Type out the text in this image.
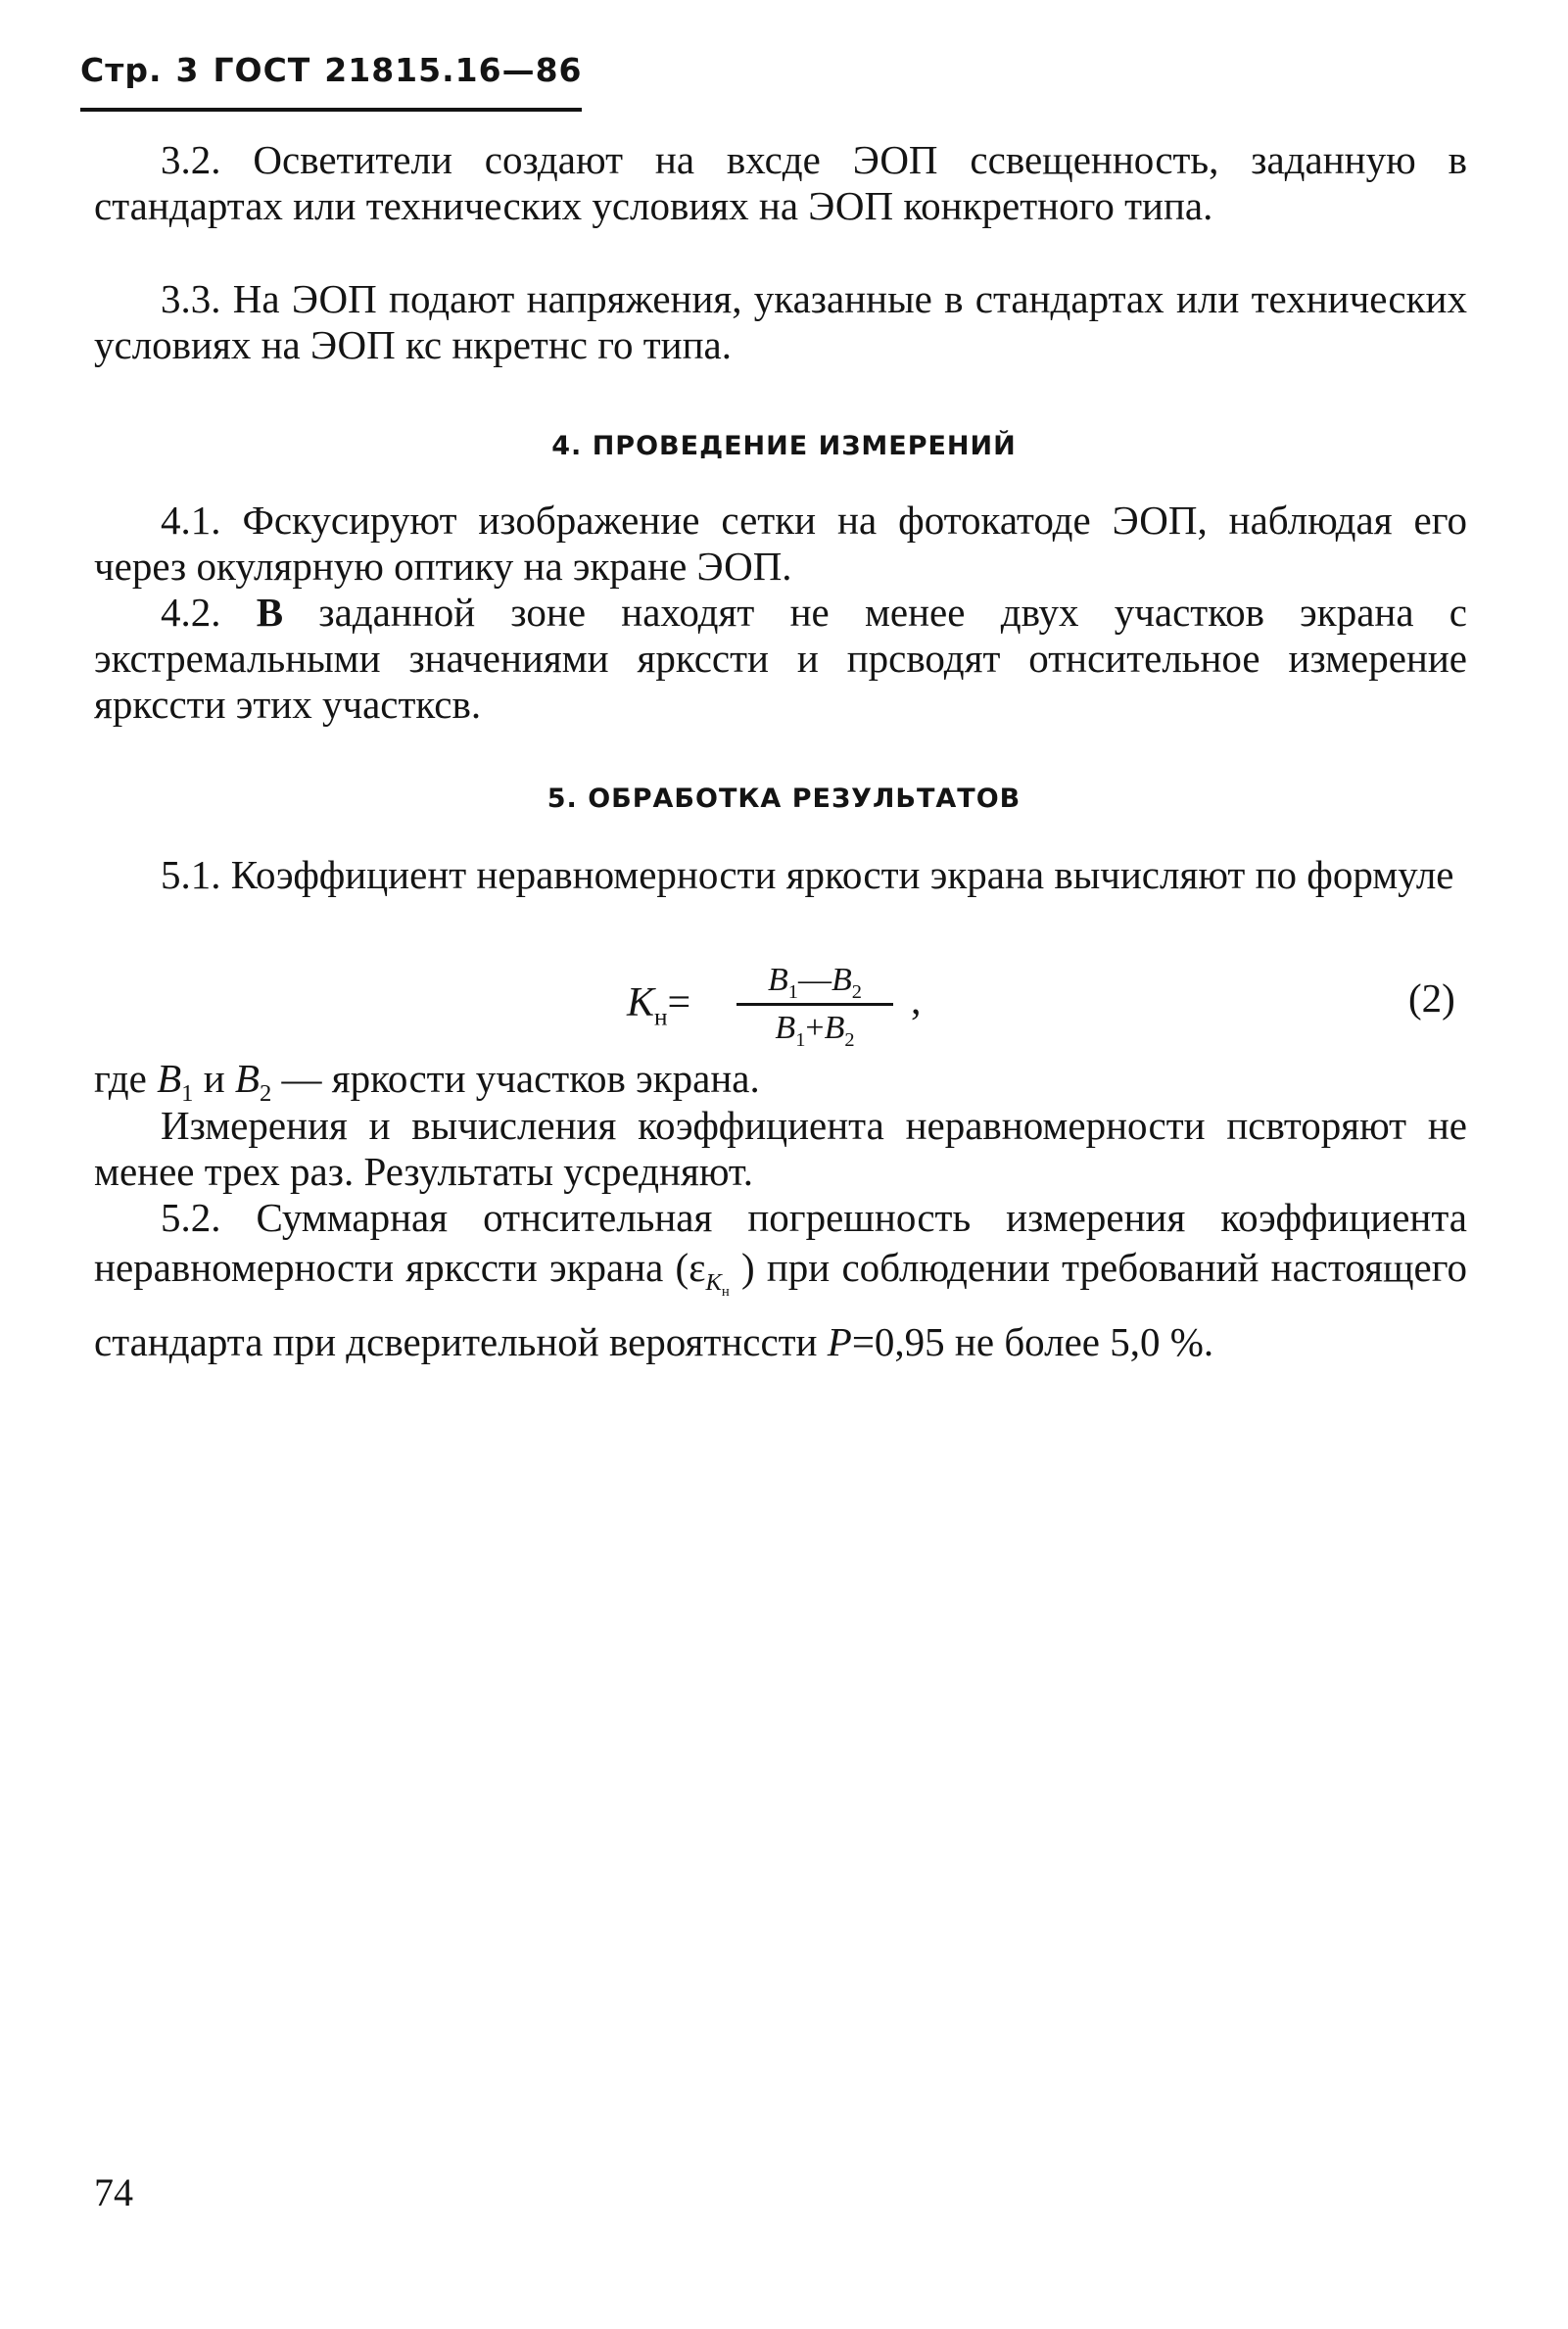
Стр. 3 ГОСТ 21815.16—86
3.2. Осветители создают на вхсде ЭОП ссвещенность, заданную в стандартах или технических условиях на ЭОП конкретного типа.
3.3. На ЭОП подают напряжения, указанные в стандартах или технических условиях на ЭОП кс нкретнс го типа.
4. ПРОВЕДЕНИЕ ИЗМЕРЕНИЙ
4.1. Фскусируют изображение сетки на фотокатоде ЭОП, наблюдая его через окулярную оптику на экране ЭОП.
4.2. В заданной зоне находят не менее двух участков экрана с экстремальными значениями яркссти и прсводят отнсительное измерение яркссти этих участксв.
5. ОБРАБОТКА РЕЗУЛЬТАТОВ
5.1. Коэффициент неравномерности яркости экрана вычисляют по формуле
$K_н=$
$B_1—B_2$
$B_1+B_2$
,	(2)
где $B_1$ и $B_2$ — яркости участков экрана.
Измерения и вычисления коэффициента неравномерности псвторяют не менее трех раз. Результаты усредняют.
5.2. Суммарная отнсительная погрешность измерения коэффициента неравномерности яркссти экрана ($\varepsilon_{K_н}$ ) при соблюдении требований настоящего стандарта при дсверительной вероятнссти P=0,95 не более 5,0 %.
74
